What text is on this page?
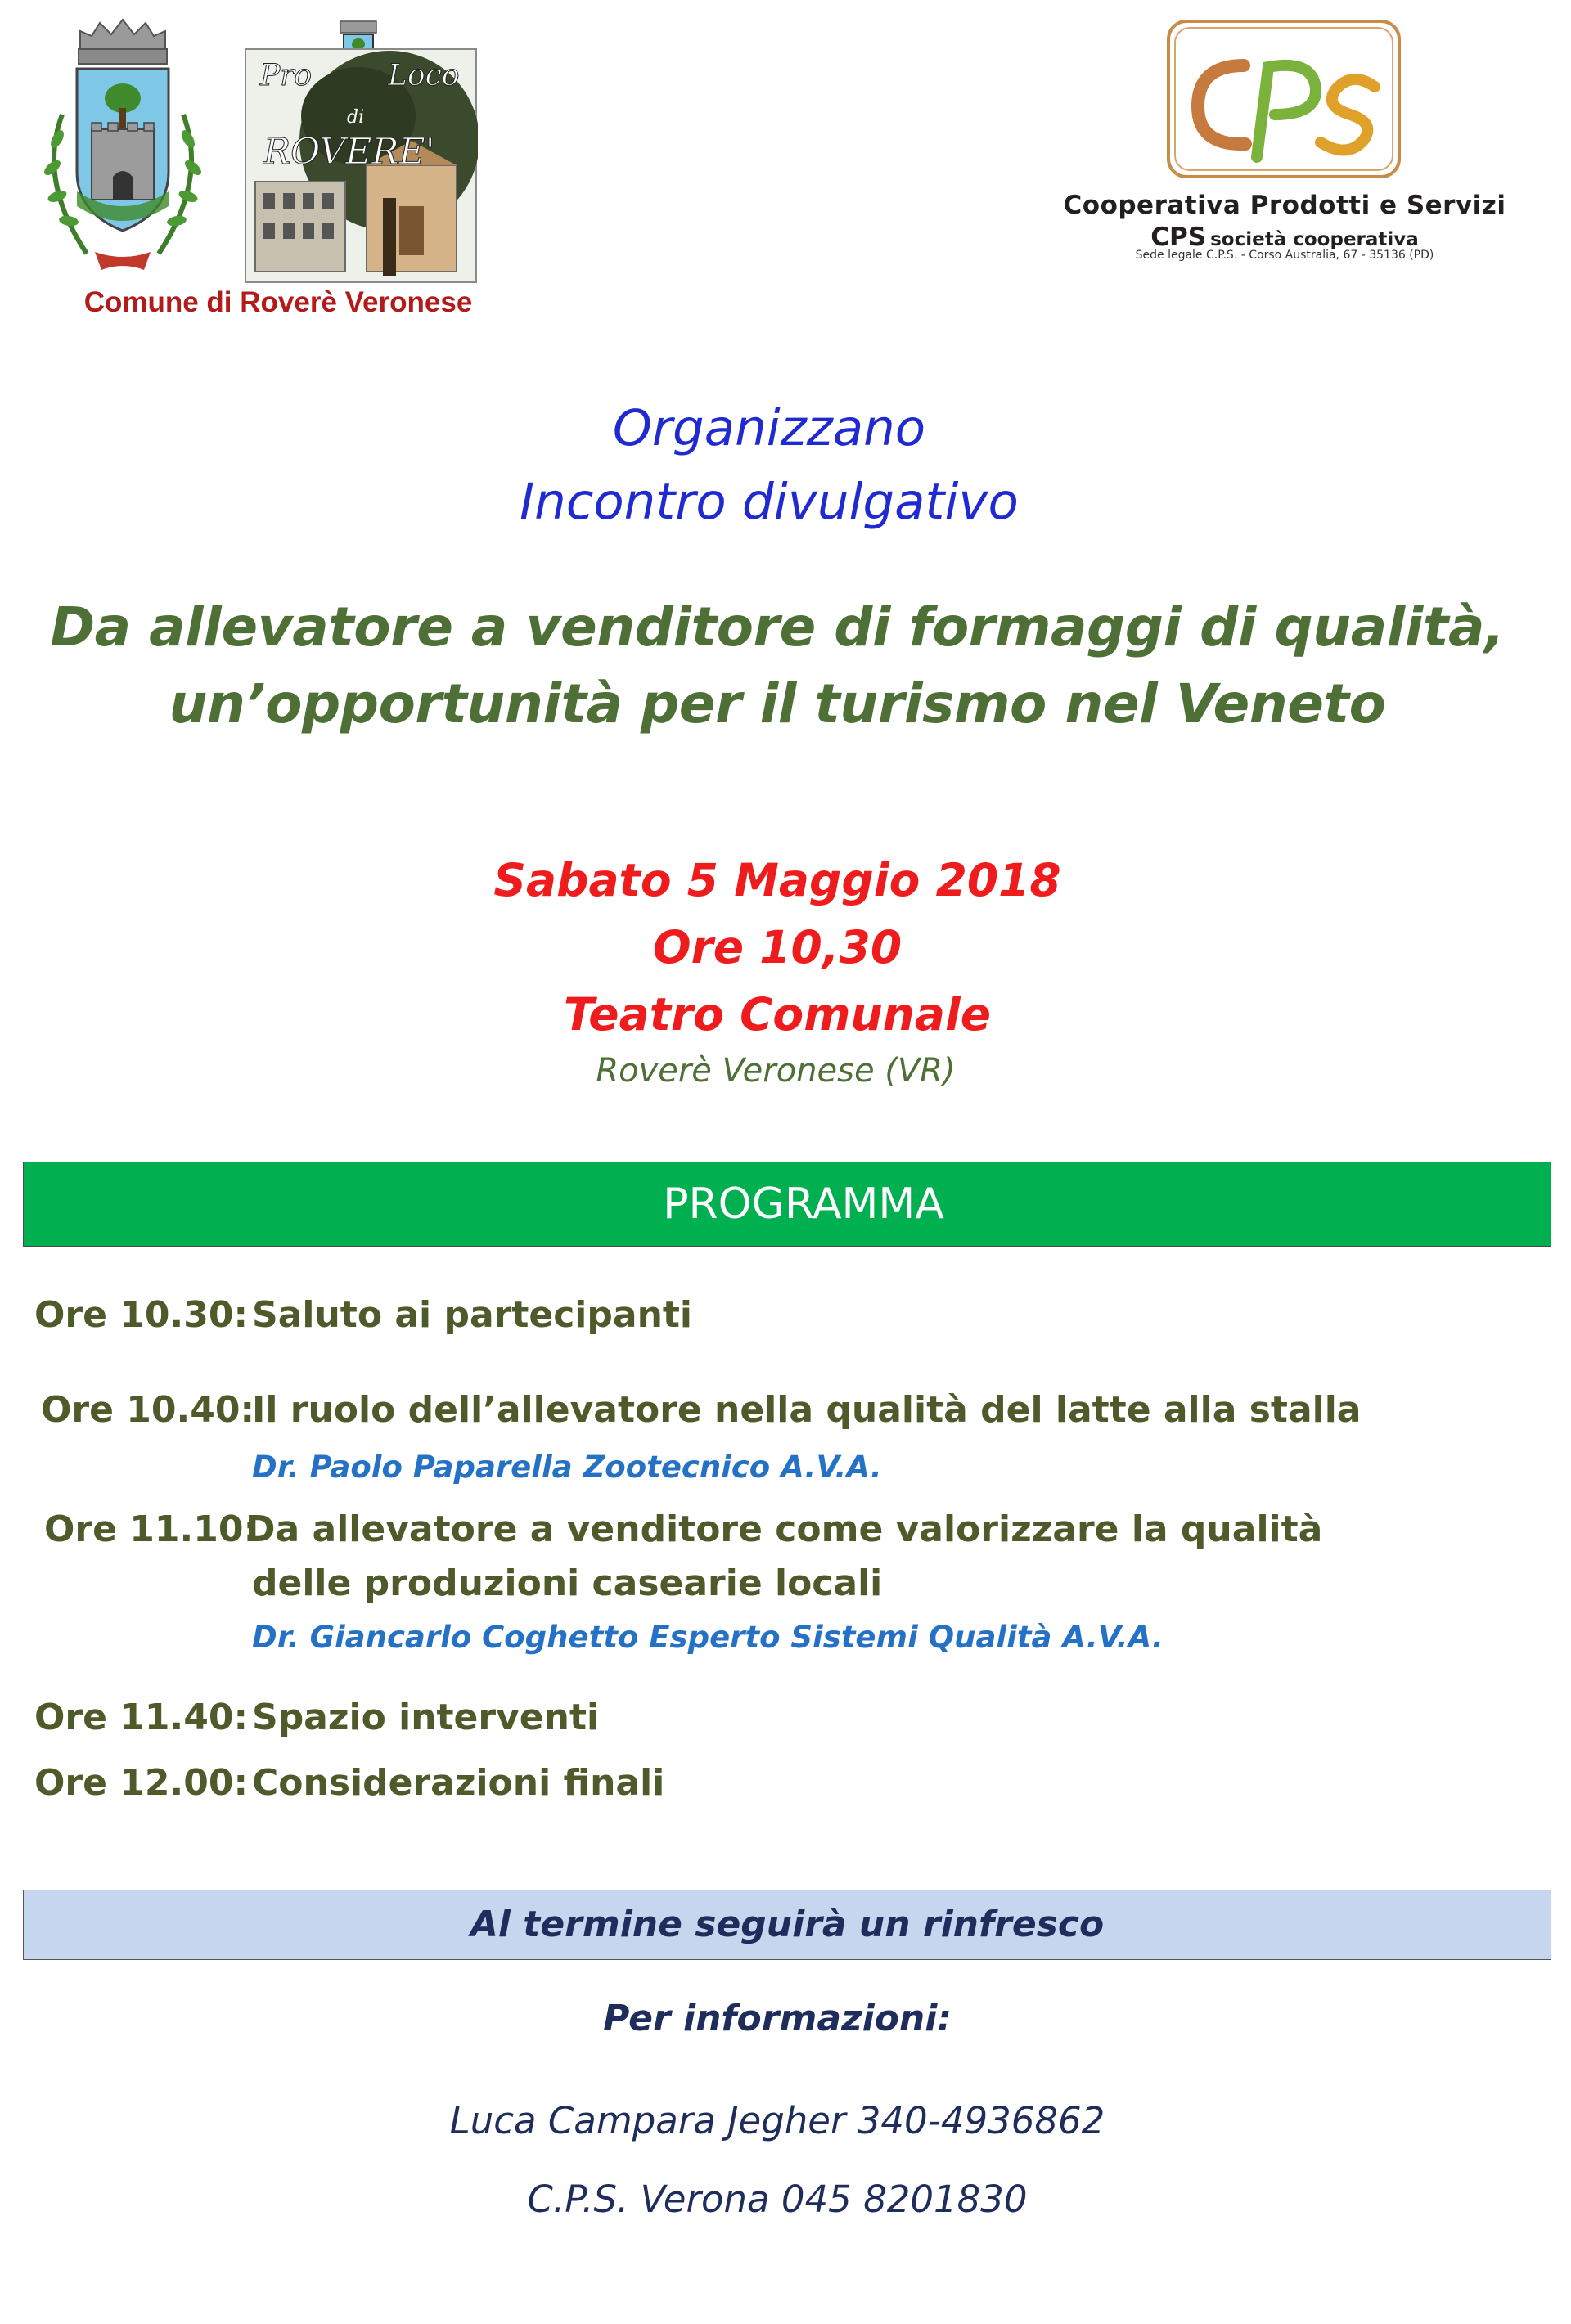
Pro	Loco
di
ROVERE'
Comune di Roverè Veronese
CPS
Cooperativa Prodotti e Servizi
CPS società cooperativa
Sede legale C.P.S. - Corso Australia, 67 - 35136 (PD)
Organizzano
Incontro divulgativo
Da allevatore a venditore di formaggi di qualità,
un’opportunità per il turismo nel Veneto
Sabato 5 Maggio 2018
Ore 10,30
Teatro Comunale
Roverè Veronese (VR)
PROGRAMMA
Ore 10.30: Saluto ai partecipanti
Ore 10.40:
Il ruolo dell’allevatore nella qualità del latte alla stalla
Dr. Paolo Paparella Zootecnico A.V.A.
Ore 11.10:
Da allevatore a venditore come valorizzare la qualità
delle produzioni casearie locali
Dr. Giancarlo Coghetto Esperto Sistemi Qualità A.V.A.
Ore 11.40: Spazio interventi
Ore 12.00: Considerazioni finali
Al termine seguirà un rinfresco
Per informazioni:
Luca Campara Jegher 340-4936862
C.P.S. Verona 045 8201830
